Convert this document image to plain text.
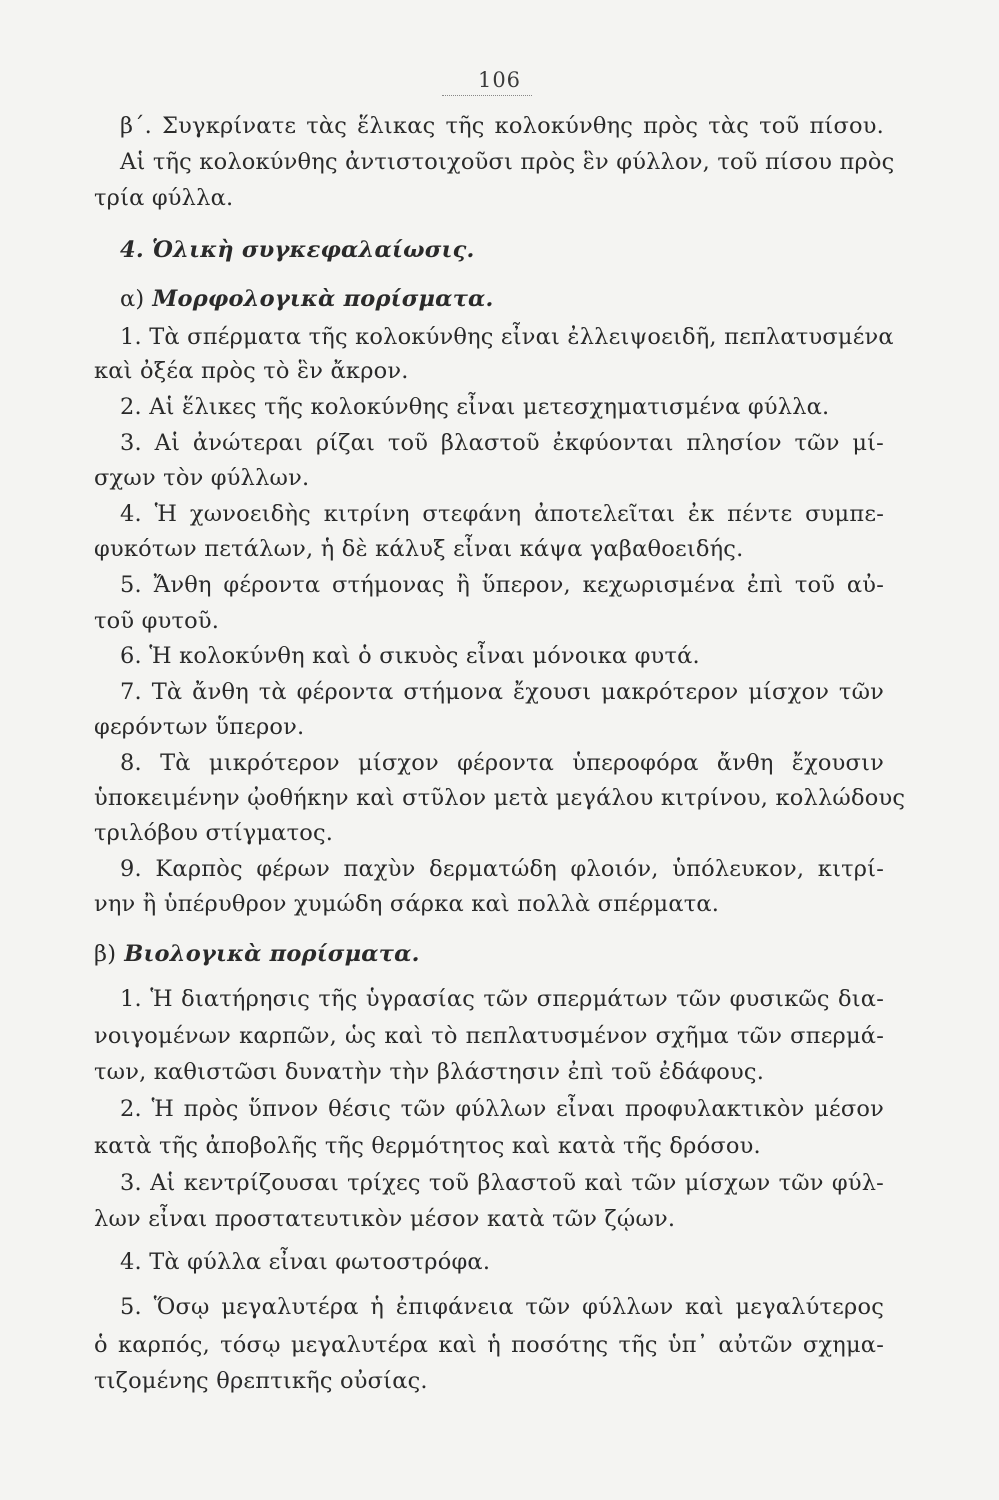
106
β΄. Συγκρίνατε τὰς ἕλικας τῆς κολοκύνθης πρὸς τὰς τοῦ πίσου.
Αἱ τῆς κολοκύνθης ἀντιστοιχοῦσι πρὸς ἓν φύλλον, τοῦ πίσου πρὸς
τρία φύλλα.
4. Ὁλικὴ συγκεφαλαίωσις.
α) Μορφολογικὰ πορίσματα.
1. Τὰ σπέρματα τῆς κολοκύνθης εἶναι ἐλλειψοειδῆ, πεπλατυσμένα
καὶ ὀξέα πρὸς τὸ ἓν ἄκρον.
2. Αἱ ἕλικες τῆς κολοκύνθης εἶναι μετεσχηματισμένα φύλλα.
3. Αἱ ἀνώτεραι ρίζαι τοῦ βλαστοῦ ἐκφύονται πλησίον τῶν μί-
σχων τὸν φύλλων.
4. Ἡ χωνοειδὴς κιτρίνη στεφάνη ἀποτελεῖται ἐκ πέντε συμπε-
φυκότων πετάλων, ἡ δὲ κάλυξ εἶναι κάψα γαβαθοειδής.
5. Ἄνθη φέροντα στήμονας ἢ ὕπερον, κεχωρισμένα ἐπὶ τοῦ αὐ-
τοῦ φυτοῦ.
6. Ἡ κολοκύνθη καὶ ὁ σικυὸς εἶναι μόνοικα φυτά.
7. Τὰ ἄνθη τὰ φέροντα στήμονα ἔχουσι μακρότερον μίσχον τῶν
φερόντων ὕπερον.
8. Τὰ μικρότερον μίσχον φέροντα ὑπεροφόρα ἄνθη ἔχουσιν
ὑποκειμένην ᾠοθήκην καὶ στῦλον μετὰ μεγάλου κιτρίνου, κολλώδους
τριλόβου στίγματος.
9. Καρπὸς φέρων παχὺν δερματώδη φλοιόν, ὑπόλευκον, κιτρί-
νην ἢ ὑπέρυθρον χυμώδη σάρκα καὶ πολλὰ σπέρματα.
β) Βιολογικὰ πορίσματα.
1. Ἡ διατήρησις τῆς ὑγρασίας τῶν σπερμάτων τῶν φυσικῶς δια-
νοιγομένων καρπῶν, ὡς καὶ τὸ πεπλατυσμένον σχῆμα τῶν σπερμά-
των, καθιστῶσι δυνατὴν τὴν βλάστησιν ἐπὶ τοῦ ἐδάφους.
2. Ἡ πρὸς ὕπνον θέσις τῶν φύλλων εἶναι προφυλακτικὸν μέσον
κατὰ τῆς ἀποβολῆς τῆς θερμότητος καὶ κατὰ τῆς δρόσου.
3. Αἱ κεντρίζουσαι τρίχες τοῦ βλαστοῦ καὶ τῶν μίσχων τῶν φύλ-
λων εἶναι προστατευτικὸν μέσον κατὰ τῶν ζῴων.
4. Τὰ φύλλα εἶναι φωτοστρόφα.
5. Ὅσῳ μεγαλυτέρα ἡ ἐπιφάνεια τῶν φύλλων καὶ μεγαλύτερος
ὁ καρπός, τόσῳ μεγαλυτέρα καὶ ἡ ποσότης τῆς ὑπ᾽ αὐτῶν σχημα-
τιζομένης θρεπτικῆς οὐσίας.
